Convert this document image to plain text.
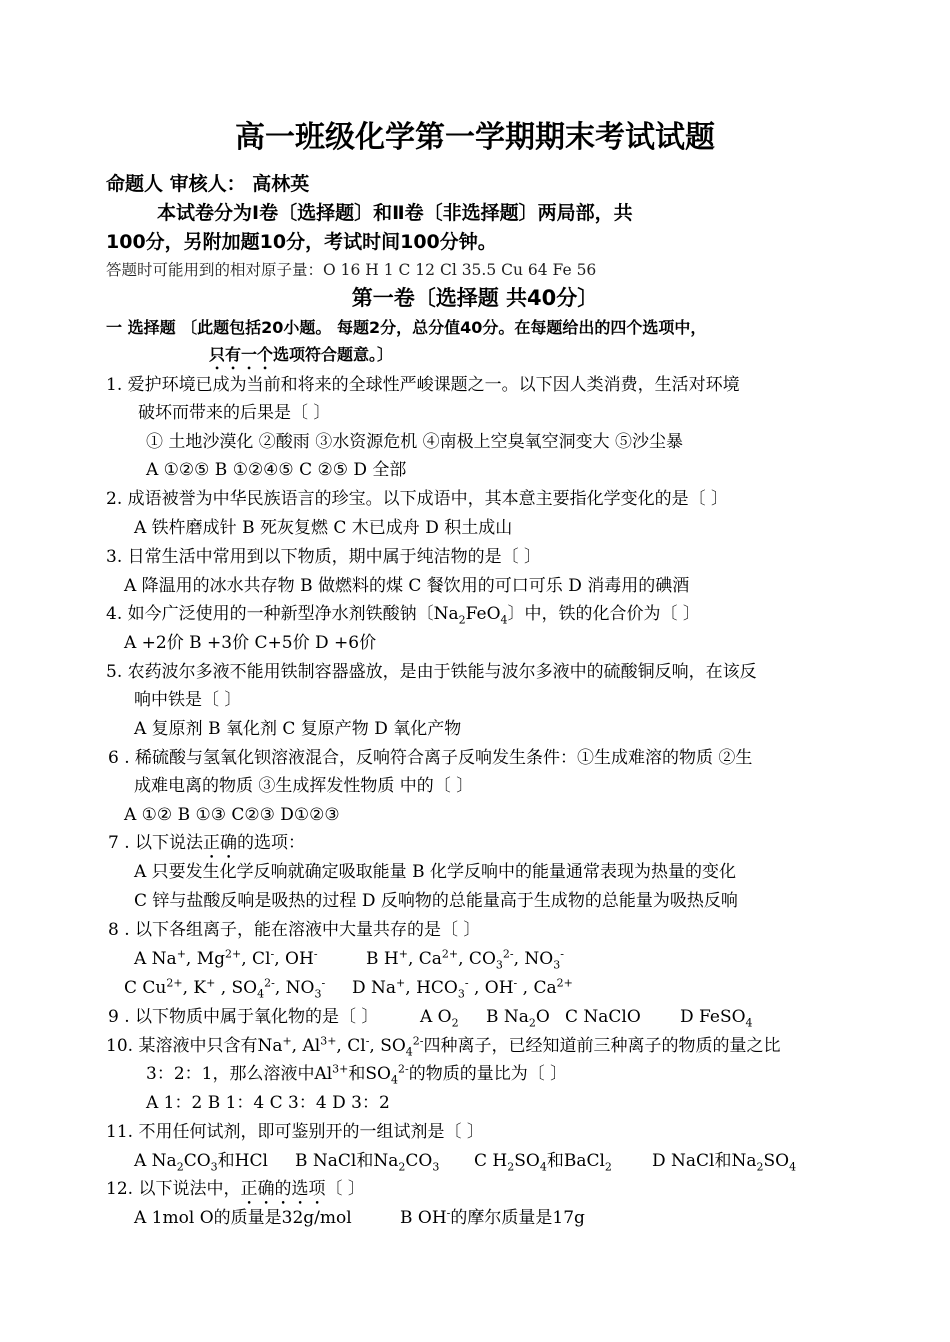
高一班级化学第一学期期末考试试题
命题人 审核人： 高林英
本试卷分为Ⅰ卷〔选择题〕和Ⅱ卷〔非选择题〕两局部，共
100分，另附加题10分，考试时间100分钟。
答题时可能用到的相对原子量：O 16 H 1 C 12 Cl 35.5 Cu 64 Fe 56
第一卷〔选择题 共40分〕
一 选择题 〔此题包括20小题。 每题2分，总分值40分。在每题给出的四个选项中，
只有一个选项符合题意。〕
1. 爱护环境已成为当前和将来的全球性严峻课题之一。以下因人类消费，生活对环境
破坏而带来的后果是〔 〕
① 土地沙漠化 ②酸雨 ③水资源危机 ④南极上空臭氧空洞变大 ⑤沙尘暴
A ①②⑤ B ①②④⑤ C ②⑤ D 全部
2. 成语被誉为中华民族语言的珍宝。以下成语中，其本意主要指化学变化的是〔 〕
A 铁杵磨成针 B 死灰复燃 C 木已成舟 D 积土成山
3. 日常生活中常用到以下物质，期中属于纯洁物的是〔 〕
A 降温用的冰水共存物 B 做燃料的煤 C 餐饮用的可口可乐 D 消毒用的碘酒
4. 如今广泛使用的一种新型净水剂铁酸钠〔$Na_2FeO_4$〕中，铁的化合价为〔 〕
A +2价 B +3价 C+5价 D +6价
5. 农药波尔多液不能用铁制容器盛放，是由于铁能与波尔多液中的硫酸铜反响，在该反
响中铁是〔 〕
A 复原剂 B 氧化剂 C 复原产物 D 氧化产物
6 . 稀硫酸与氢氧化钡溶液混合，反响符合离子反响发生条件：①生成难溶的物质 ②生
成难电离的物质 ③生成挥发性物质 中的〔 〕
A ①② B ①③ C②③ D①②③
7 . 以下说法正确的选项：
A 只要发生化学反响就确定吸取能量 B 化学反响中的能量通常表现为热量的变化
C 锌与盐酸反响是吸热的过程 D 反响物的总能量高于生成物的总能量为吸热反响
8 . 以下各组离子，能在溶液中大量共存的是〔 〕
A Na+, $Mg^{2+}$, Cl-, OH-	B H+, $Ca^{2+}$, $CO_3^{2-}$, $NO_3^-$
C $Cu^{2+}$, K+ , $SO_4^{2-}$, $NO_3^-$ D Na+, $HCO_3^-$ , OH- , $Ca^{2+}$
9 . 以下物质中属于氧化物的是〔 〕 A $O_2$ B $Na_2O$ C NaClO D FeSO$_4$
10. 某溶液中只含有Na+, $Al^{3+}$, Cl-, $SO_4^{2-}$四种离子，已经知道前三种离子的物质的量之比
3：2：1，那么溶液中$Al^{3+}$和$SO_4^{2-}$的物质的量比为〔 〕
A 1：2 B 1：4 C 3：4 D 3：2
11. 不用任何试剂，即可鉴别开的一组试剂是〔 〕
A $Na_2CO_3$和HCl B NaCl和$Na_2CO_3$ C $H_2SO_4$和BaCl$_2$ D NaCl和$Na_2SO_4$
12. 以下说法中，正确的选项〔 〕
A 1mol O的质量是32g/mol	B OH-的摩尔质量是17g
